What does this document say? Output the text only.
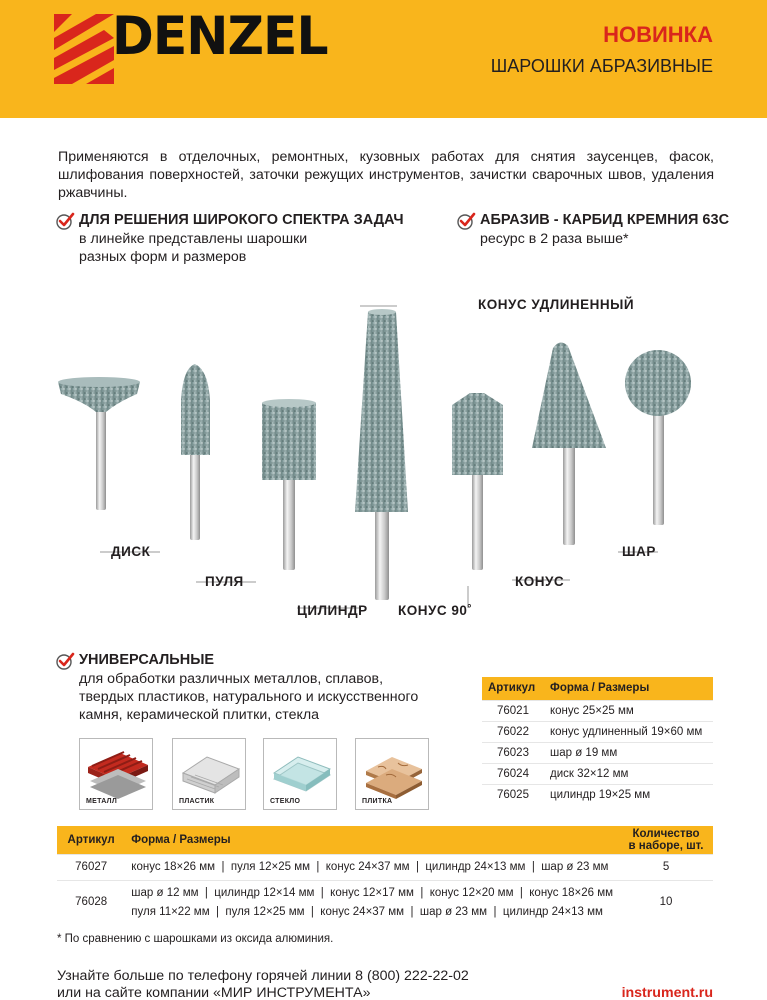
DENZEL	НОВИНКА
ШАРОШКИ АБРАЗИВНЫЕ
Применяются в отделочных, ремонтных, кузовных работах для снятия заусенцев, фасок, шлифования поверхностей, заточки режущих инструментов, зачистки сварочных швов, удаления ржавчины.
ДЛЯ РЕШЕНИЯ ШИРОКОГО СПЕКТРА ЗАДАЧ
в линейке представлены шарошки
разных форм и размеров
АБРАЗИВ - КАРБИД КРЕМНИЯ 63С
ресурс в 2 раза выше*
ДИСК
ПУЛЯ
ЦИЛИНДР
КОНУС УДЛИНЕННЫЙ
КОНУС 90˚
КОНУС
ШАР
УНИВЕРСАЛЬНЫЕ
для обработки различных металлов, сплавов,
твердых пластиков, натурального и искусственного
камня, керамической плитки, стекла
МЕТАЛЛ	ПЛАСТИК	СТЕКЛО	ПЛИТКА
Артикул	Форма / Размеры
76021	конус 25×25 мм
76022	конус удлиненный 19×60 мм
76023	шар ø 19 мм
76024	диск 32×12 мм
76025	цилиндр 19×25 мм
Артикул	Форма / Размеры	Количество
в наборе, шт.

76027	конус 18×26 мм  |  пуля 12×25 мм  |  конус 24×37 мм  |  цилиндр 24×13 мм  |  шар ø 23 мм	5
76028	шар ø 12 мм  |  цилиндр 12×14 мм  |  конус 12×17 мм  |  конус 12×20 мм  |  конус 18×26 мм
пуля 11×22 мм  |  пуля 12×25 мм  |  конус 24×37 мм  |  шар ø 23 мм  |  цилиндр 24×13 мм	10
* По сравнению с шарошками из оксида алюминия.
Узнайте больше по телефону горячей линии 8 (800) 222-22-02
или на сайте компании «МИР ИНСТРУМЕНТА»	instrument.ru
